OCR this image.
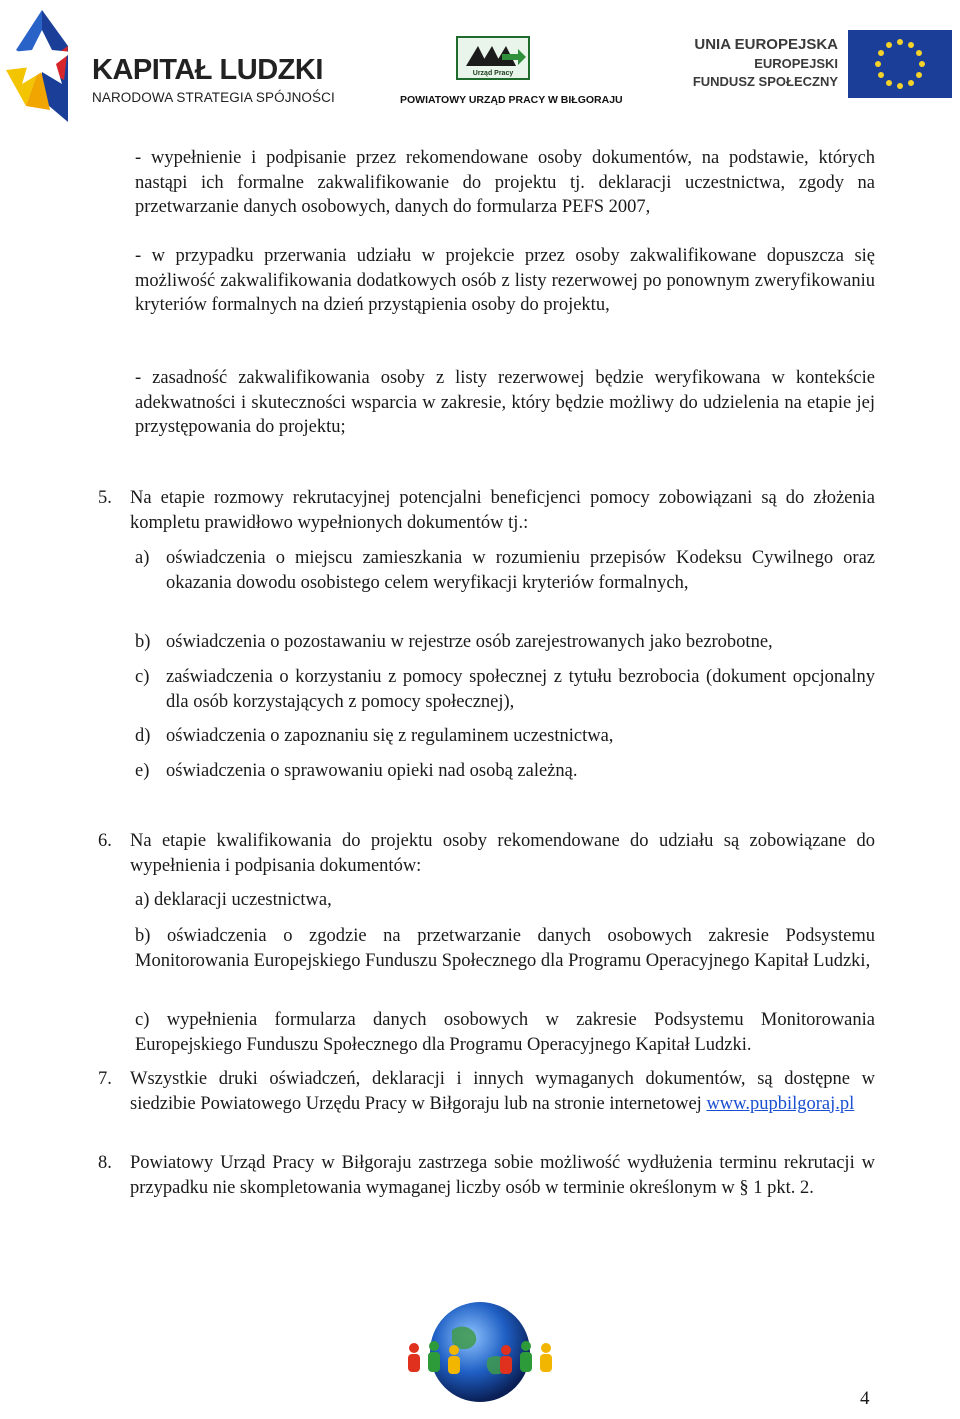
KAPITAŁ LUDZKI
NARODOWA STRATEGIA SPÓJNOŚCI
Urząd Pracy
POWIATOWY URZĄD PRACY W BIŁGORAJU
UNIA EUROPEJSKA
EUROPEJSKI
FUNDUSZ SPOŁECZNY

- wypełnienie i podpisanie przez rekomendowane osoby dokumentów, na podstawie, których nastąpi ich formalne zakwalifikowanie do projektu tj. deklaracji uczestnictwa, zgody na przetwarzanie danych osobowych, danych do formularza PEFS 2007,

- w przypadku przerwania udziału w projekcie przez osoby zakwalifikowane dopuszcza się możliwość zakwalifikowania dodatkowych osób z listy rezerwowej po ponownym zweryfikowaniu kryteriów formalnych na dzień przystąpienia osoby do projektu,

- zasadność zakwalifikowania osoby z listy rezerwowej będzie weryfikowana w kontekście adekwatności i skuteczności wsparcia w zakresie, który będzie możliwy do udzielenia na etapie jej przystępowania do projektu;

5. Na etapie rozmowy rekrutacyjnej potencjalni beneficjenci pomocy zobowiązani są do złożenia kompletu prawidłowo wypełnionych dokumentów tj.:

a) oświadczenia o miejscu zamieszkania w rozumieniu przepisów Kodeksu Cywilnego oraz okazania dowodu osobistego celem weryfikacji kryteriów formalnych,

b) oświadczenia o pozostawaniu w rejestrze osób zarejestrowanych jako bezrobotne,

c) zaświadczenia o korzystaniu z pomocy społecznej z tytułu bezrobocia (dokument opcjonalny dla osób korzystających z pomocy społecznej),

d) oświadczenia o zapoznaniu się z regulaminem uczestnictwa,

e) oświadczenia o sprawowaniu opieki nad osobą zależną.

6. Na etapie kwalifikowania do projektu osoby rekomendowane do udziału są zobowiązane do wypełnienia i podpisania dokumentów:

a) deklaracji uczestnictwa,

b) oświadczenia o zgodzie na przetwarzanie danych osobowych zakresie Podsystemu Monitorowania Europejskiego Funduszu Społecznego dla Programu Operacyjnego Kapitał Ludzki,

c) wypełnienia formularza danych osobowych w zakresie Podsystemu Monitorowania Europejskiego Funduszu Społecznego dla Programu Operacyjnego Kapitał Ludzki.

7. Wszystkie druki oświadczeń, deklaracji i innych wymaganych dokumentów, są dostępne w siedzibie Powiatowego Urzędu Pracy w Biłgoraju lub na stronie internetowej www.pupbilgoraj.pl

8. Powiatowy Urząd Pracy w Biłgoraju zastrzega sobie możliwość wydłużenia terminu rekrutacji w przypadku nie skompletowania wymaganej liczby osób w terminie określonym w § 1 pkt. 2.

4
